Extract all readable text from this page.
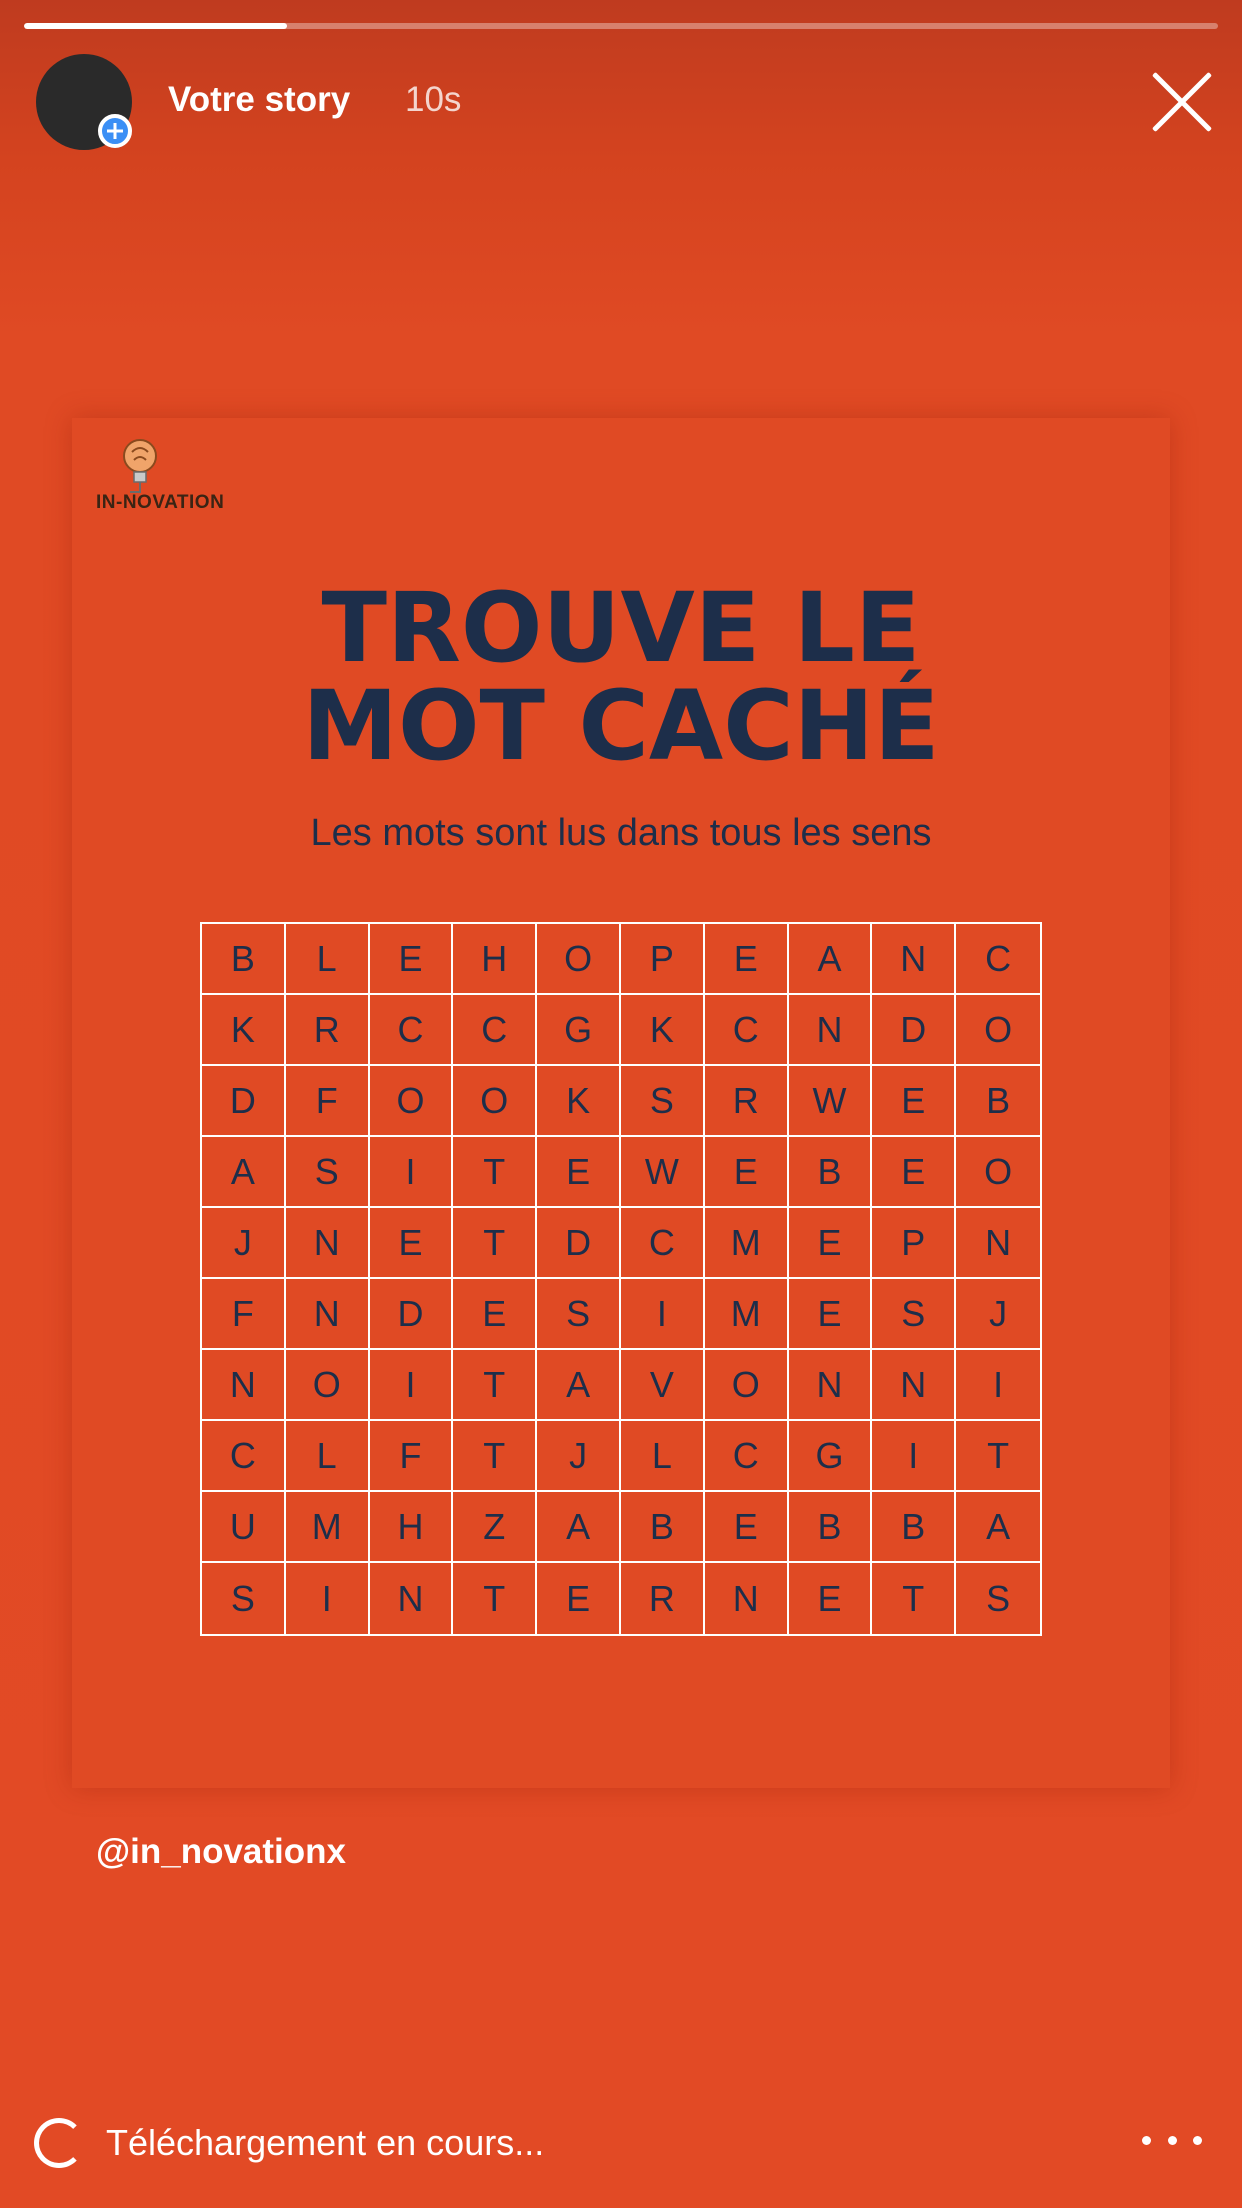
Votre story 10s
IN-NOVATION
TROUVE LE
MOT CACHÉ
Les mots sont lus dans tous les sens
B	L	E	H	O	P	E	A	N	C
K	R	C	C	G	K	C	N	D	O
D	F	O	O	K	S	R	W	E	B
A	S	I	T	E	W	E	B	E	O
J	N	E	T	D	C	M	E	P	N
F	N	D	E	S	I	M	E	S	J
N	O	I	T	A	V	O	N	N	I
C	L	F	T	J	L	C	G	I	T
U	M	H	Z	A	B	E	B	B	A
S	I	N	T	E	R	N	E	T	S
@in_novationx
Téléchargement en cours...
